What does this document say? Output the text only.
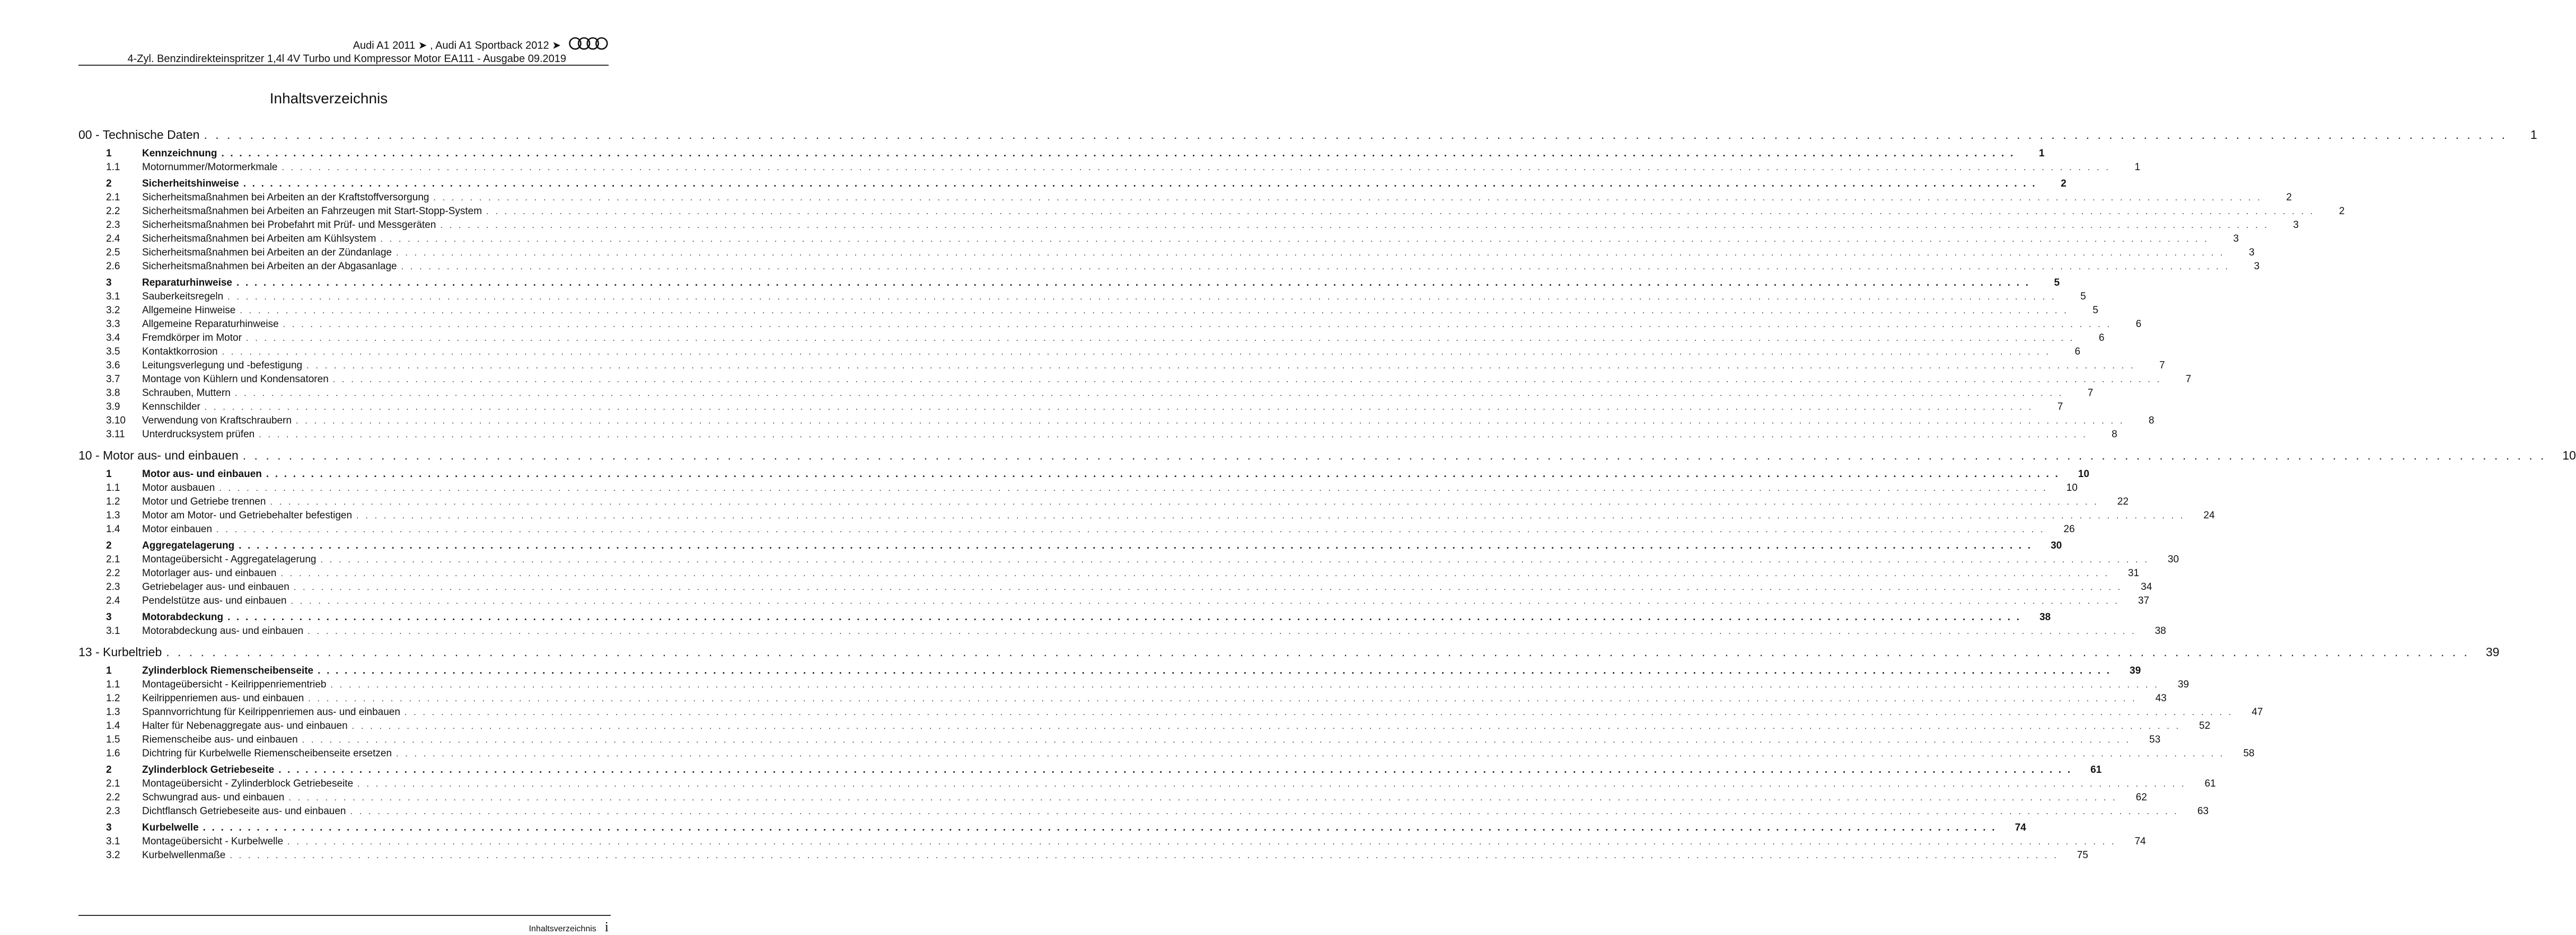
Audi A1 2011 ➤ , Audi A1 Sportback 2012 ➤
4-Zyl. Benzindirekteinspritzer 1,4l 4V Turbo und Kompressor Motor EA111 - Ausgabe 09.2019
Inhaltsverzeichnis
00 - Technische Daten . . . . . . . . . . . . . . . . . . . . . . . . . . . . . . . . . . . . . . . . . . . . . . . . . . . . . . . . . . . . . . . . . . . . . . . . . . . . . . . . . . . . . . . . . . . . . . . . . . . . . . . . . . . . . . . . . . . . . . . . . . . . . . . . . . . . . . . . . . . . . . . . . . . . . . . . . . . . . . . . . . . . . . . . . . . . . . . . . . . . . . . . . . . . . . . . . . . . . . . .	1
1	Kennzeichnung . . . . . . . . . . . . . . . . . . . . . . . . . . . . . . . . . . . . . . . . . . . . . . . . . . . . . . . . . . . . . . . . . . . . . . . . . . . . . . . . . . . . . . . . . . . . . . . . . . . . . . . . . . . . . . . . . . . . . . . . . . . . . . . . . . . . . . . . . . . . . . . . . . . . . . . . . . . . . . . . . . . . . . . . . . . . . . . . . . . . . . . . . . . . . . . . . . . . . . . .	1
1.1	Motornummer/Motormerkmale . . . . . . . . . . . . . . . . . . . . . . . . . . . . . . . . . . . . . . . . . . . . . . . . . . . . . . . . . . . . . . . . . . . . . . . . . . . . . . . . . . . . . . . . . . . . . . . . . . . . . . . . . . . . . . . . . . . . . . . . . . . . . . . . . . . . . . . . . . . . . . . . . . . . . . . . . . . . . . . . . . . . . . . . . . . . . . . . . . . . . . . . . . . . . . . . . . . . . . . .	1
2	Sicherheitshinweise . . . . . . . . . . . . . . . . . . . . . . . . . . . . . . . . . . . . . . . . . . . . . . . . . . . . . . . . . . . . . . . . . . . . . . . . . . . . . . . . . . . . . . . . . . . . . . . . . . . . . . . . . . . . . . . . . . . . . . . . . . . . . . . . . . . . . . . . . . . . . . . . . . . . . . . . . . . . . . . . . . . . . . . . . . . . . . . . . . . . . . . . . . . . . . . . . . . . . . . .	2
2.1	Sicherheitsmaßnahmen bei Arbeiten an der Kraftstoffversorgung . . . . . . . . . . . . . . . . . . . . . . . . . . . . . . . . . . . . . . . . . . . . . . . . . . . . . . . . . . . . . . . . . . . . . . . . . . . . . . . . . . . . . . . . . . . . . . . . . . . . . . . . . . . . . . . . . . . . . . . . . . . . . . . . . . . . . . . . . . . . . . . . . . . . . . . . . . . . . . . . . . . . . . . . . . . . . . . . . . . . . . . . . . . . . . . . . . . . . . . .	2
2.2	Sicherheitsmaßnahmen bei Arbeiten an Fahrzeugen mit Start-Stopp-System . . . . . . . . . . . . . . . . . . . . . . . . . . . . . . . . . . . . . . . . . . . . . . . . . . . . . . . . . . . . . . . . . . . . . . . . . . . . . . . . . . . . . . . . . . . . . . . . . . . . . . . . . . . . . . . . . . . . . . . . . . . . . . . . . . . . . . . . . . . . . . . . . . . . . . . . . . . . . . . . . . . . . . . . . . . . . . . . . . . . . . . . . . . . . . . . . . . . . . . .	2
2.3	Sicherheitsmaßnahmen bei Probefahrt mit Prüf- und Messgeräten . . . . . . . . . . . . . . . . . . . . . . . . . . . . . . . . . . . . . . . . . . . . . . . . . . . . . . . . . . . . . . . . . . . . . . . . . . . . . . . . . . . . . . . . . . . . . . . . . . . . . . . . . . . . . . . . . . . . . . . . . . . . . . . . . . . . . . . . . . . . . . . . . . . . . . . . . . . . . . . . . . . . . . . . . . . . . . . . . . . . . . . . . . . . . . . . . . . . . . . .	3
2.4	Sicherheitsmaßnahmen bei Arbeiten am Kühlsystem . . . . . . . . . . . . . . . . . . . . . . . . . . . . . . . . . . . . . . . . . . . . . . . . . . . . . . . . . . . . . . . . . . . . . . . . . . . . . . . . . . . . . . . . . . . . . . . . . . . . . . . . . . . . . . . . . . . . . . . . . . . . . . . . . . . . . . . . . . . . . . . . . . . . . . . . . . . . . . . . . . . . . . . . . . . . . . . . . . . . . . . . . . . . . . . . . . . . . . . .	3
2.5	Sicherheitsmaßnahmen bei Arbeiten an der Zündanlage . . . . . . . . . . . . . . . . . . . . . . . . . . . . . . . . . . . . . . . . . . . . . . . . . . . . . . . . . . . . . . . . . . . . . . . . . . . . . . . . . . . . . . . . . . . . . . . . . . . . . . . . . . . . . . . . . . . . . . . . . . . . . . . . . . . . . . . . . . . . . . . . . . . . . . . . . . . . . . . . . . . . . . . . . . . . . . . . . . . . . . . . . . . . . . . . . . . . . . . .	3
2.6	Sicherheitsmaßnahmen bei Arbeiten an der Abgasanlage . . . . . . . . . . . . . . . . . . . . . . . . . . . . . . . . . . . . . . . . . . . . . . . . . . . . . . . . . . . . . . . . . . . . . . . . . . . . . . . . . . . . . . . . . . . . . . . . . . . . . . . . . . . . . . . . . . . . . . . . . . . . . . . . . . . . . . . . . . . . . . . . . . . . . . . . . . . . . . . . . . . . . . . . . . . . . . . . . . . . . . . . . . . . . . . . . . . . . . . .	3
3	Reparaturhinweise . . . . . . . . . . . . . . . . . . . . . . . . . . . . . . . . . . . . . . . . . . . . . . . . . . . . . . . . . . . . . . . . . . . . . . . . . . . . . . . . . . . . . . . . . . . . . . . . . . . . . . . . . . . . . . . . . . . . . . . . . . . . . . . . . . . . . . . . . . . . . . . . . . . . . . . . . . . . . . . . . . . . . . . . . . . . . . . . . . . . . . . . . . . . . . . . . . . . . . . .	5
3.1	Sauberkeitsregeln . . . . . . . . . . . . . . . . . . . . . . . . . . . . . . . . . . . . . . . . . . . . . . . . . . . . . . . . . . . . . . . . . . . . . . . . . . . . . . . . . . . . . . . . . . . . . . . . . . . . . . . . . . . . . . . . . . . . . . . . . . . . . . . . . . . . . . . . . . . . . . . . . . . . . . . . . . . . . . . . . . . . . . . . . . . . . . . . . . . . . . . . . . . . . . . . . . . . . . . .	5
3.2	Allgemeine Hinweise . . . . . . . . . . . . . . . . . . . . . . . . . . . . . . . . . . . . . . . . . . . . . . . . . . . . . . . . . . . . . . . . . . . . . . . . . . . . . . . . . . . . . . . . . . . . . . . . . . . . . . . . . . . . . . . . . . . . . . . . . . . . . . . . . . . . . . . . . . . . . . . . . . . . . . . . . . . . . . . . . . . . . . . . . . . . . . . . . . . . . . . . . . . . . . . . . . . . . . . .	5
3.3	Allgemeine Reparaturhinweise . . . . . . . . . . . . . . . . . . . . . . . . . . . . . . . . . . . . . . . . . . . . . . . . . . . . . . . . . . . . . . . . . . . . . . . . . . . . . . . . . . . . . . . . . . . . . . . . . . . . . . . . . . . . . . . . . . . . . . . . . . . . . . . . . . . . . . . . . . . . . . . . . . . . . . . . . . . . . . . . . . . . . . . . . . . . . . . . . . . . . . . . . . . . . . . . . . . . . . . .	6
3.4	Fremdkörper im Motor . . . . . . . . . . . . . . . . . . . . . . . . . . . . . . . . . . . . . . . . . . . . . . . . . . . . . . . . . . . . . . . . . . . . . . . . . . . . . . . . . . . . . . . . . . . . . . . . . . . . . . . . . . . . . . . . . . . . . . . . . . . . . . . . . . . . . . . . . . . . . . . . . . . . . . . . . . . . . . . . . . . . . . . . . . . . . . . . . . . . . . . . . . . . . . . . . . . . . . . .	6
3.5	Kontaktkorrosion . . . . . . . . . . . . . . . . . . . . . . . . . . . . . . . . . . . . . . . . . . . . . . . . . . . . . . . . . . . . . . . . . . . . . . . . . . . . . . . . . . . . . . . . . . . . . . . . . . . . . . . . . . . . . . . . . . . . . . . . . . . . . . . . . . . . . . . . . . . . . . . . . . . . . . . . . . . . . . . . . . . . . . . . . . . . . . . . . . . . . . . . . . . . . . . . . . . . . . . .	6
3.6	Leitungsverlegung und -befestigung . . . . . . . . . . . . . . . . . . . . . . . . . . . . . . . . . . . . . . . . . . . . . . . . . . . . . . . . . . . . . . . . . . . . . . . . . . . . . . . . . . . . . . . . . . . . . . . . . . . . . . . . . . . . . . . . . . . . . . . . . . . . . . . . . . . . . . . . . . . . . . . . . . . . . . . . . . . . . . . . . . . . . . . . . . . . . . . . . . . . . . . . . . . . . . . . . . . . . . . .	7
3.7	Montage von Kühlern und Kondensatoren . . . . . . . . . . . . . . . . . . . . . . . . . . . . . . . . . . . . . . . . . . . . . . . . . . . . . . . . . . . . . . . . . . . . . . . . . . . . . . . . . . . . . . . . . . . . . . . . . . . . . . . . . . . . . . . . . . . . . . . . . . . . . . . . . . . . . . . . . . . . . . . . . . . . . . . . . . . . . . . . . . . . . . . . . . . . . . . . . . . . . . . . . . . . . . . . . . . . . . . .	7
3.8	Schrauben, Muttern . . . . . . . . . . . . . . . . . . . . . . . . . . . . . . . . . . . . . . . . . . . . . . . . . . . . . . . . . . . . . . . . . . . . . . . . . . . . . . . . . . . . . . . . . . . . . . . . . . . . . . . . . . . . . . . . . . . . . . . . . . . . . . . . . . . . . . . . . . . . . . . . . . . . . . . . . . . . . . . . . . . . . . . . . . . . . . . . . . . . . . . . . . . . . . . . . . . . . . . .	7
3.9	Kennschilder . . . . . . . . . . . . . . . . . . . . . . . . . . . . . . . . . . . . . . . . . . . . . . . . . . . . . . . . . . . . . . . . . . . . . . . . . . . . . . . . . . . . . . . . . . . . . . . . . . . . . . . . . . . . . . . . . . . . . . . . . . . . . . . . . . . . . . . . . . . . . . . . . . . . . . . . . . . . . . . . . . . . . . . . . . . . . . . . . . . . . . . . . . . . . . . . . . . . . . . .	7
3.10	Verwendung von Kraftschraubern . . . . . . . . . . . . . . . . . . . . . . . . . . . . . . . . . . . . . . . . . . . . . . . . . . . . . . . . . . . . . . . . . . . . . . . . . . . . . . . . . . . . . . . . . . . . . . . . . . . . . . . . . . . . . . . . . . . . . . . . . . . . . . . . . . . . . . . . . . . . . . . . . . . . . . . . . . . . . . . . . . . . . . . . . . . . . . . . . . . . . . . . . . . . . . . . . . . . . . . .	8
3.11	Unterdrucksystem prüfen . . . . . . . . . . . . . . . . . . . . . . . . . . . . . . . . . . . . . . . . . . . . . . . . . . . . . . . . . . . . . . . . . . . . . . . . . . . . . . . . . . . . . . . . . . . . . . . . . . . . . . . . . . . . . . . . . . . . . . . . . . . . . . . . . . . . . . . . . . . . . . . . . . . . . . . . . . . . . . . . . . . . . . . . . . . . . . . . . . . . . . . . . . . . . . . . . . . . . . . .	8
10 - Motor aus- und einbauen . . . . . . . . . . . . . . . . . . . . . . . . . . . . . . . . . . . . . . . . . . . . . . . . . . . . . . . . . . . . . . . . . . . . . . . . . . . . . . . . . . . . . . . . . . . . . . . . . . . . . . . . . . . . . . . . . . . . . . . . . . . . . . . . . . . . . . . . . . . . . . . . . . . . . . . . . . . . . . . . . . . . . . . . . . . . . . . . . . . . . . . . . . . . . . . . . . . . . . . .	10
1	Motor aus- und einbauen . . . . . . . . . . . . . . . . . . . . . . . . . . . . . . . . . . . . . . . . . . . . . . . . . . . . . . . . . . . . . . . . . . . . . . . . . . . . . . . . . . . . . . . . . . . . . . . . . . . . . . . . . . . . . . . . . . . . . . . . . . . . . . . . . . . . . . . . . . . . . . . . . . . . . . . . . . . . . . . . . . . . . . . . . . . . . . . . . . . . . . . . . . . . . . . . . . . . . . . .	10
1.1	Motor ausbauen . . . . . . . . . . . . . . . . . . . . . . . . . . . . . . . . . . . . . . . . . . . . . . . . . . . . . . . . . . . . . . . . . . . . . . . . . . . . . . . . . . . . . . . . . . . . . . . . . . . . . . . . . . . . . . . . . . . . . . . . . . . . . . . . . . . . . . . . . . . . . . . . . . . . . . . . . . . . . . . . . . . . . . . . . . . . . . . . . . . . . . . . . . . . . . . . . . . . . . . .	10
1.2	Motor und Getriebe trennen . . . . . . . . . . . . . . . . . . . . . . . . . . . . . . . . . . . . . . . . . . . . . . . . . . . . . . . . . . . . . . . . . . . . . . . . . . . . . . . . . . . . . . . . . . . . . . . . . . . . . . . . . . . . . . . . . . . . . . . . . . . . . . . . . . . . . . . . . . . . . . . . . . . . . . . . . . . . . . . . . . . . . . . . . . . . . . . . . . . . . . . . . . . . . . . . . . . . . . . .	22
1.3	Motor am Motor- und Getriebehalter befestigen . . . . . . . . . . . . . . . . . . . . . . . . . . . . . . . . . . . . . . . . . . . . . . . . . . . . . . . . . . . . . . . . . . . . . . . . . . . . . . . . . . . . . . . . . . . . . . . . . . . . . . . . . . . . . . . . . . . . . . . . . . . . . . . . . . . . . . . . . . . . . . . . . . . . . . . . . . . . . . . . . . . . . . . . . . . . . . . . . . . . . . . . . . . . . . . . . . . . . . . .	24
1.4	Motor einbauen . . . . . . . . . . . . . . . . . . . . . . . . . . . . . . . . . . . . . . . . . . . . . . . . . . . . . . . . . . . . . . . . . . . . . . . . . . . . . . . . . . . . . . . . . . . . . . . . . . . . . . . . . . . . . . . . . . . . . . . . . . . . . . . . . . . . . . . . . . . . . . . . . . . . . . . . . . . . . . . . . . . . . . . . . . . . . . . . . . . . . . . . . . . . . . . . . . . . . . . .	26
2	Aggregatelagerung . . . . . . . . . . . . . . . . . . . . . . . . . . . . . . . . . . . . . . . . . . . . . . . . . . . . . . . . . . . . . . . . . . . . . . . . . . . . . . . . . . . . . . . . . . . . . . . . . . . . . . . . . . . . . . . . . . . . . . . . . . . . . . . . . . . . . . . . . . . . . . . . . . . . . . . . . . . . . . . . . . . . . . . . . . . . . . . . . . . . . . . . . . . . . . . . . . . . . . . .	30
2.1	Montageübersicht - Aggregatelagerung . . . . . . . . . . . . . . . . . . . . . . . . . . . . . . . . . . . . . . . . . . . . . . . . . . . . . . . . . . . . . . . . . . . . . . . . . . . . . . . . . . . . . . . . . . . . . . . . . . . . . . . . . . . . . . . . . . . . . . . . . . . . . . . . . . . . . . . . . . . . . . . . . . . . . . . . . . . . . . . . . . . . . . . . . . . . . . . . . . . . . . . . . . . . . . . . . . . . . . . .	30
2.2	Motorlager aus- und einbauen . . . . . . . . . . . . . . . . . . . . . . . . . . . . . . . . . . . . . . . . . . . . . . . . . . . . . . . . . . . . . . . . . . . . . . . . . . . . . . . . . . . . . . . . . . . . . . . . . . . . . . . . . . . . . . . . . . . . . . . . . . . . . . . . . . . . . . . . . . . . . . . . . . . . . . . . . . . . . . . . . . . . . . . . . . . . . . . . . . . . . . . . . . . . . . . . . . . . . . . .	31
2.3	Getriebelager aus- und einbauen . . . . . . . . . . . . . . . . . . . . . . . . . . . . . . . . . . . . . . . . . . . . . . . . . . . . . . . . . . . . . . . . . . . . . . . . . . . . . . . . . . . . . . . . . . . . . . . . . . . . . . . . . . . . . . . . . . . . . . . . . . . . . . . . . . . . . . . . . . . . . . . . . . . . . . . . . . . . . . . . . . . . . . . . . . . . . . . . . . . . . . . . . . . . . . . . . . . . . . . .	34
2.4	Pendelstütze aus- und einbauen . . . . . . . . . . . . . . . . . . . . . . . . . . . . . . . . . . . . . . . . . . . . . . . . . . . . . . . . . . . . . . . . . . . . . . . . . . . . . . . . . . . . . . . . . . . . . . . . . . . . . . . . . . . . . . . . . . . . . . . . . . . . . . . . . . . . . . . . . . . . . . . . . . . . . . . . . . . . . . . . . . . . . . . . . . . . . . . . . . . . . . . . . . . . . . . . . . . . . . . .	37
3	Motorabdeckung . . . . . . . . . . . . . . . . . . . . . . . . . . . . . . . . . . . . . . . . . . . . . . . . . . . . . . . . . . . . . . . . . . . . . . . . . . . . . . . . . . . . . . . . . . . . . . . . . . . . . . . . . . . . . . . . . . . . . . . . . . . . . . . . . . . . . . . . . . . . . . . . . . . . . . . . . . . . . . . . . . . . . . . . . . . . . . . . . . . . . . . . . . . . . . . . . . . . . . . .	38
3.1	Motorabdeckung aus- und einbauen . . . . . . . . . . . . . . . . . . . . . . . . . . . . . . . . . . . . . . . . . . . . . . . . . . . . . . . . . . . . . . . . . . . . . . . . . . . . . . . . . . . . . . . . . . . . . . . . . . . . . . . . . . . . . . . . . . . . . . . . . . . . . . . . . . . . . . . . . . . . . . . . . . . . . . . . . . . . . . . . . . . . . . . . . . . . . . . . . . . . . . . . . . . . . . . . . . . . . . . .	38
13 - Kurbeltrieb . . . . . . . . . . . . . . . . . . . . . . . . . . . . . . . . . . . . . . . . . . . . . . . . . . . . . . . . . . . . . . . . . . . . . . . . . . . . . . . . . . . . . . . . . . . . . . . . . . . . . . . . . . . . . . . . . . . . . . . . . . . . . . . . . . . . . . . . . . . . . . . . . . . . . . . . . . . . . . . . . . . . . . . . . . . . . . . . . . . . . . . . . . . . . . . . . . . . . . . .	39
1	Zylinderblock Riemenscheibenseite . . . . . . . . . . . . . . . . . . . . . . . . . . . . . . . . . . . . . . . . . . . . . . . . . . . . . . . . . . . . . . . . . . . . . . . . . . . . . . . . . . . . . . . . . . . . . . . . . . . . . . . . . . . . . . . . . . . . . . . . . . . . . . . . . . . . . . . . . . . . . . . . . . . . . . . . . . . . . . . . . . . . . . . . . . . . . . . . . . . . . . . . . . . . . . . . . . . . . . . .	39
1.1	Montageübersicht - Keilrippenriementrieb . . . . . . . . . . . . . . . . . . . . . . . . . . . . . . . . . . . . . . . . . . . . . . . . . . . . . . . . . . . . . . . . . . . . . . . . . . . . . . . . . . . . . . . . . . . . . . . . . . . . . . . . . . . . . . . . . . . . . . . . . . . . . . . . . . . . . . . . . . . . . . . . . . . . . . . . . . . . . . . . . . . . . . . . . . . . . . . . . . . . . . . . . . . . . . . . . . . . . . . .	39
1.2	Keilrippenriemen aus- und einbauen . . . . . . . . . . . . . . . . . . . . . . . . . . . . . . . . . . . . . . . . . . . . . . . . . . . . . . . . . . . . . . . . . . . . . . . . . . . . . . . . . . . . . . . . . . . . . . . . . . . . . . . . . . . . . . . . . . . . . . . . . . . . . . . . . . . . . . . . . . . . . . . . . . . . . . . . . . . . . . . . . . . . . . . . . . . . . . . . . . . . . . . . . . . . . . . . . . . . . . . .	43
1.3	Spannvorrichtung für Keilrippenriemen aus- und einbauen . . . . . . . . . . . . . . . . . . . . . . . . . . . . . . . . . . . . . . . . . . . . . . . . . . . . . . . . . . . . . . . . . . . . . . . . . . . . . . . . . . . . . . . . . . . . . . . . . . . . . . . . . . . . . . . . . . . . . . . . . . . . . . . . . . . . . . . . . . . . . . . . . . . . . . . . . . . . . . . . . . . . . . . . . . . . . . . . . . . . . . . . . . . . . . . . . . . . . . . .	47
1.4	Halter für Nebenaggregate aus- und einbauen . . . . . . . . . . . . . . . . . . . . . . . . . . . . . . . . . . . . . . . . . . . . . . . . . . . . . . . . . . . . . . . . . . . . . . . . . . . . . . . . . . . . . . . . . . . . . . . . . . . . . . . . . . . . . . . . . . . . . . . . . . . . . . . . . . . . . . . . . . . . . . . . . . . . . . . . . . . . . . . . . . . . . . . . . . . . . . . . . . . . . . . . . . . . . . . . . . . . . . . .	52
1.5	Riemenscheibe aus- und einbauen . . . . . . . . . . . . . . . . . . . . . . . . . . . . . . . . . . . . . . . . . . . . . . . . . . . . . . . . . . . . . . . . . . . . . . . . . . . . . . . . . . . . . . . . . . . . . . . . . . . . . . . . . . . . . . . . . . . . . . . . . . . . . . . . . . . . . . . . . . . . . . . . . . . . . . . . . . . . . . . . . . . . . . . . . . . . . . . . . . . . . . . . . . . . . . . . . . . . . . . .	53
1.6	Dichtring für Kurbelwelle Riemenscheibenseite ersetzen . . . . . . . . . . . . . . . . . . . . . . . . . . . . . . . . . . . . . . . . . . . . . . . . . . . . . . . . . . . . . . . . . . . . . . . . . . . . . . . . . . . . . . . . . . . . . . . . . . . . . . . . . . . . . . . . . . . . . . . . . . . . . . . . . . . . . . . . . . . . . . . . . . . . . . . . . . . . . . . . . . . . . . . . . . . . . . . . . . . . . . . . . . . . . . . . . . . . . . . .	58
2	Zylinderblock Getriebeseite . . . . . . . . . . . . . . . . . . . . . . . . . . . . . . . . . . . . . . . . . . . . . . . . . . . . . . . . . . . . . . . . . . . . . . . . . . . . . . . . . . . . . . . . . . . . . . . . . . . . . . . . . . . . . . . . . . . . . . . . . . . . . . . . . . . . . . . . . . . . . . . . . . . . . . . . . . . . . . . . . . . . . . . . . . . . . . . . . . . . . . . . . . . . . . . . . . . . . . . .	61
2.1	Montageübersicht - Zylinderblock Getriebeseite . . . . . . . . . . . . . . . . . . . . . . . . . . . . . . . . . . . . . . . . . . . . . . . . . . . . . . . . . . . . . . . . . . . . . . . . . . . . . . . . . . . . . . . . . . . . . . . . . . . . . . . . . . . . . . . . . . . . . . . . . . . . . . . . . . . . . . . . . . . . . . . . . . . . . . . . . . . . . . . . . . . . . . . . . . . . . . . . . . . . . . . . . . . . . . . . . . . . . . . .	61
2.2	Schwungrad aus- und einbauen . . . . . . . . . . . . . . . . . . . . . . . . . . . . . . . . . . . . . . . . . . . . . . . . . . . . . . . . . . . . . . . . . . . . . . . . . . . . . . . . . . . . . . . . . . . . . . . . . . . . . . . . . . . . . . . . . . . . . . . . . . . . . . . . . . . . . . . . . . . . . . . . . . . . . . . . . . . . . . . . . . . . . . . . . . . . . . . . . . . . . . . . . . . . . . . . . . . . . . . .	62
2.3	Dichtflansch Getriebeseite aus- und einbauen . . . . . . . . . . . . . . . . . . . . . . . . . . . . . . . . . . . . . . . . . . . . . . . . . . . . . . . . . . . . . . . . . . . . . . . . . . . . . . . . . . . . . . . . . . . . . . . . . . . . . . . . . . . . . . . . . . . . . . . . . . . . . . . . . . . . . . . . . . . . . . . . . . . . . . . . . . . . . . . . . . . . . . . . . . . . . . . . . . . . . . . . . . . . . . . . . . . . . . . .	63
3	Kurbelwelle . . . . . . . . . . . . . . . . . . . . . . . . . . . . . . . . . . . . . . . . . . . . . . . . . . . . . . . . . . . . . . . . . . . . . . . . . . . . . . . . . . . . . . . . . . . . . . . . . . . . . . . . . . . . . . . . . . . . . . . . . . . . . . . . . . . . . . . . . . . . . . . . . . . . . . . . . . . . . . . . . . . . . . . . . . . . . . . . . . . . . . . . . . . . . . . . . . . . . . . .	74
3.1	Montageübersicht - Kurbelwelle . . . . . . . . . . . . . . . . . . . . . . . . . . . . . . . . . . . . . . . . . . . . . . . . . . . . . . . . . . . . . . . . . . . . . . . . . . . . . . . . . . . . . . . . . . . . . . . . . . . . . . . . . . . . . . . . . . . . . . . . . . . . . . . . . . . . . . . . . . . . . . . . . . . . . . . . . . . . . . . . . . . . . . . . . . . . . . . . . . . . . . . . . . . . . . . . . . . . . . . .	74
3.2	Kurbelwellenmaße . . . . . . . . . . . . . . . . . . . . . . . . . . . . . . . . . . . . . . . . . . . . . . . . . . . . . . . . . . . . . . . . . . . . . . . . . . . . . . . . . . . . . . . . . . . . . . . . . . . . . . . . . . . . . . . . . . . . . . . . . . . . . . . . . . . . . . . . . . . . . . . . . . . . . . . . . . . . . . . . . . . . . . . . . . . . . . . . . . . . . . . . . . . . . . . . . . . . . . . .	75
Inhaltsverzeichnis i
